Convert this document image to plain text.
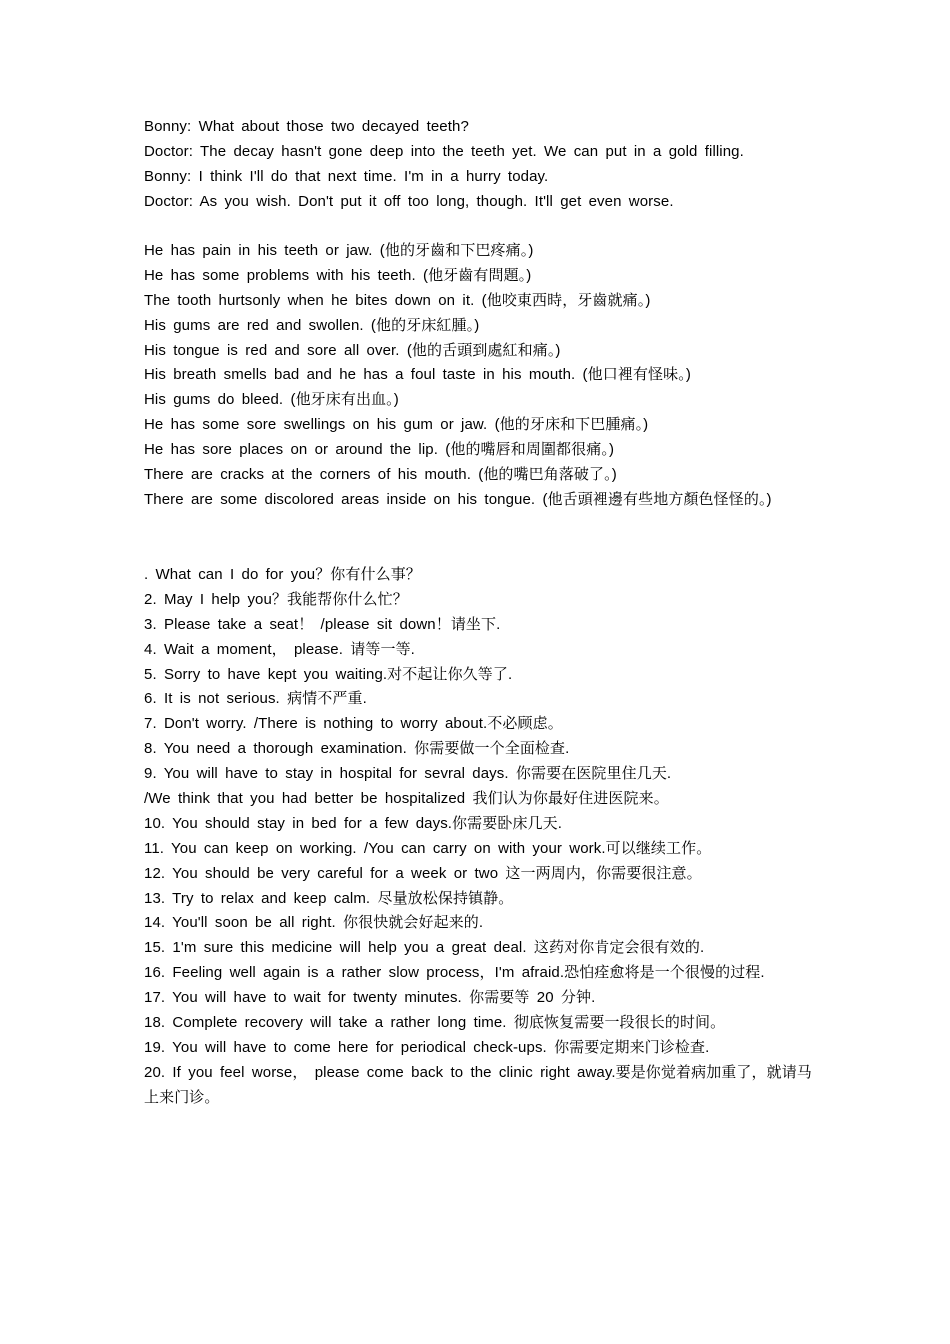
Bonny: What about those two decayed teeth?
Doctor: The decay hasn't gone deep into the teeth yet. We can put in a gold filling.
Bonny: I think I'll do that next time. I'm in a hurry today.
Doctor: As you wish. Don't put it off too long, though. It'll get even worse.
He has pain in his teeth or jaw. (他的牙齒和下巴疼痛。)
He has some problems with his teeth. (他牙齒有問題。)
The tooth hurtsonly when he bites down on it. (他咬東西時，牙齒就痛。)
His gums are red and swollen. (他的牙床紅腫。)
His tongue is red and sore all over. (他的舌頭到處紅和痛。)
His breath smells bad and he has a foul taste in his mouth. (他口裡有怪味。)
His gums do bleed. (他牙床有出血。)
He has some sore swellings on his gum or jaw. (他的牙床和下巴腫痛。)
He has sore places on or around the lip. (他的嘴唇和周圍都很痛。)
There are cracks at the corners of his mouth. (他的嘴巴角落破了。)
There are some discolored areas inside on his tongue. (他舌頭裡邊有些地方顏色怪怪的。)
. What can I do for you？你有什么事？
2. May I help you？我能帮你什么忙？
3. Please take a seat！ /please sit down！请坐下.
4. Wait a moment， please. 请等一等.
5. Sorry to have kept you waiting.对不起让你久等了.
6. It is not serious. 病情不严重.
7. Don't worry. /There is nothing to worry about.不必顾虑。
8. You need a thorough examination. 你需要做一个全面检查.
9. You will have to stay in hospital for sevral days. 你需要在医院里住几天.
/We think that you had better be hospitalized 我们认为你最好住进医院来。
10. You should stay in bed for a few days.你需要卧床几天.
11. You can keep on working. /You can carry on with your work.可以继续工作。
12. You should be very careful for a week or two 这一两周内，你需要很注意。
13. Try to relax and keep calm. 尽量放松保持镇静。
14. You'll soon be all right. 你很快就会好起来的.
15. 1'm sure this medicine will help you a great deal. 这药对你肯定会很有效的.
16. Feeling well again is a rather slow process，I'm afraid.恐怕痊愈将是一个很慢的过程.
17. You will have to wait for twenty minutes. 你需要等 20 分钟.
18. Complete recovery will take a rather long time. 彻底恢复需要一段很长的时间。
19. You will have to come here for periodical check-ups. 你需要定期来门诊检查.
20. If you feel worse， please come back to the clinic right away.要是你觉着病加重了，就请马上来门诊。
